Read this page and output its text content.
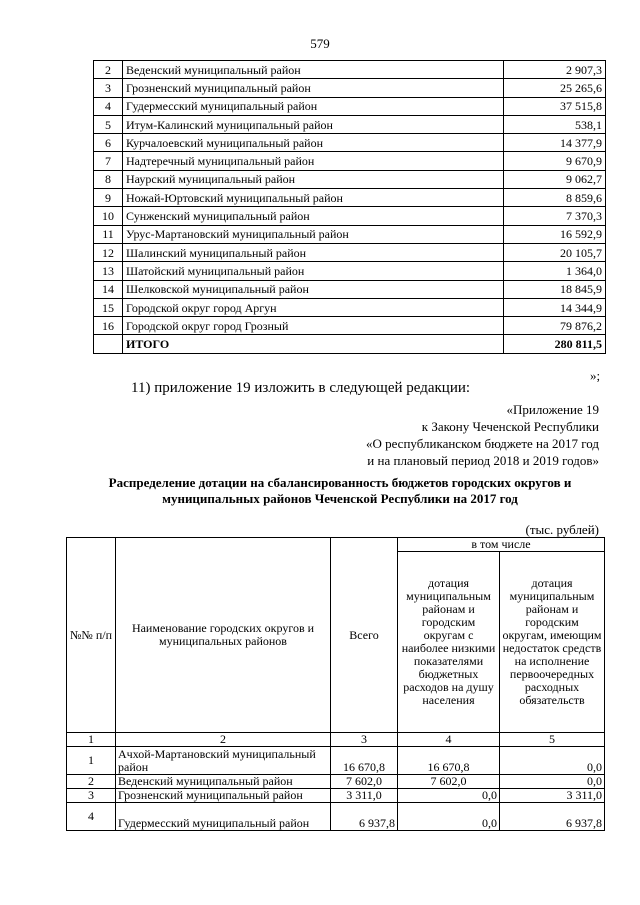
579
2	Веденский муниципальный район	2 907,3
3	Грозненский муниципальный район	25 265,6
4	Гудермесский муниципальный район	37 515,8
5	Итум-Калинский муниципальный район	538,1
6	Курчалоевский муниципальный район	14 377,9
7	Надтеречный муниципальный район	9 670,9
8	Наурский муниципальный район	9 062,7
9	Ножай-Юртовский муниципальный район	8 859,6
10	Сунженский муниципальный район	7 370,3
11	Урус-Мартановский муниципальный район	16 592,9
12	Шалинский муниципальный район	20 105,7
13	Шатойский муниципальный район	1 364,0
14	Шелковской муниципальный район	18 845,9
15	Городской округ город Аргун	14 344,9
16	Городской округ город Грозный	79 876,2
	ИТОГО	280 811,5
»;
11) приложение 19 изложить в следующей редакции:
«Приложение 19
к Закону Чеченской Республики
«О республиканском бюджете на 2017 год
и на плановый период 2018 и 2019 годов»
Распределение дотации на сбалансированность бюджетов городских округов и
муниципальных районов Чеченской Республики на 2017 год
(тыс. рублей)
№№ п/п	Наименование городских округов и муниципальных районов	Всего	в том числе	
			дотация муниципальным районам и городским округам с наиболее низкими показателями бюджетных расходов на душу населения	дотация муниципальным районам и городским округам, имеющим недостаток средств на исполнение первоочередных расходных обязательств
1	2	3	4	5
1	Ачхой-Мартановский муниципальный район	16 670,8	16 670,8	0,0
2	Веденский муниципальный район	7 602,0	7 602,0	0,0
3	Грозненский муниципальный район	3 311,0	0,0	3 311,0
4	Гудермесский муниципальный район	6 937,8	0,0	6 937,8
